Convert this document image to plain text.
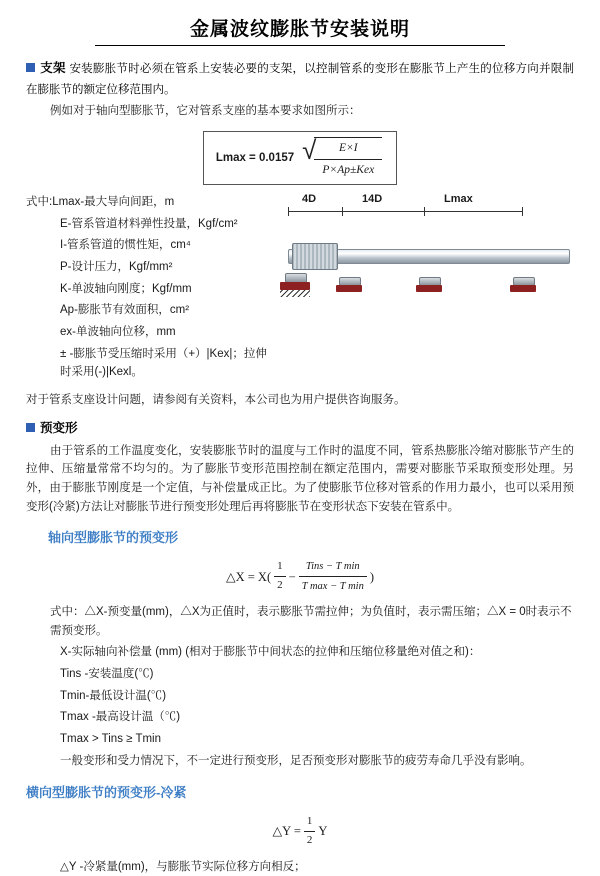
金属波纹膨胀节安装说明

支架 安装膨胀节时必须在管系上安装必要的支架，以控制管系的变形在膨胀节上产生的位移方向并限制在膨胀节的额定位移范围内。

例如对于轴向型膨胀节，它对管系支座的基本要求如图所示：

Lmax = 0.0157 √
$\frac{E\times I}{\text{P×Ap±Kex}}$
式中:Lmax-最大导向间距，m
E-管系管道材料弹性投量，Kgf/cm²
I-管系管道的惯性矩，cm⁴
P-设计压力，Kgf/mm²
K-单波轴向刚度；Kgf/mm
Ap-膨胀节有效面积，cm²
ex-单波轴向位移，mm
± -膨胀节受压缩时采用（+）|Kex|；拉伸时采用(-)|Kexl。
4D	14D	Lmax

对于管系支座设计问题，请参阅有关资料，本公司也为用户提供咨询服务。

预变形

由于管系的工作温度变化，安装膨胀节时的温度与工作时的温度不同，管系热膨胀冷缩对膨胀节产生的拉伸、压缩量常常不均匀的。为了膨胀节变形范围控制在额定范围内，需要对膨胀节采取预变形处理。另外，由于膨胀节刚度是一个定值，与补偿量成正比。为了使膨胀节位移对管系的作用力最小，也可以采用预变形(冷紧)方法让对膨胀节进行预变形处理后再将膨胀节在变形状态下安装在管系中。

轴向型膨胀节的预变形

△X = $X( \frac{1}{2} - \frac{\text{Tins − T min}}{\text{T max − T min}}$ )
式中：△X-预变量(mm)，△X为正值时，表示膨胀节需拉伸；为负值时，表示需压缩；△X = 0时表示不需预变形。
X-实际轴向补偿量 (mm) (相对于膨胀节中间状态的拉伸和压缩位移量绝对值之和)：
Tins -安装温度(℃)
Tmin-最低设计温(℃)
Tmax -最高设计温（℃)
Tmax > Tins ≥ Tmin
一般变形和受力情况下，不一定进行预变形，足否预变形对膨胀节的疲劳寿命几乎没有影响。

横向型膨胀节的预变形-冷紧

△Y = $\frac{1}{2}$ Y

△Y -冷紧量(mm)，与膨胀节实际位移方向相反；
